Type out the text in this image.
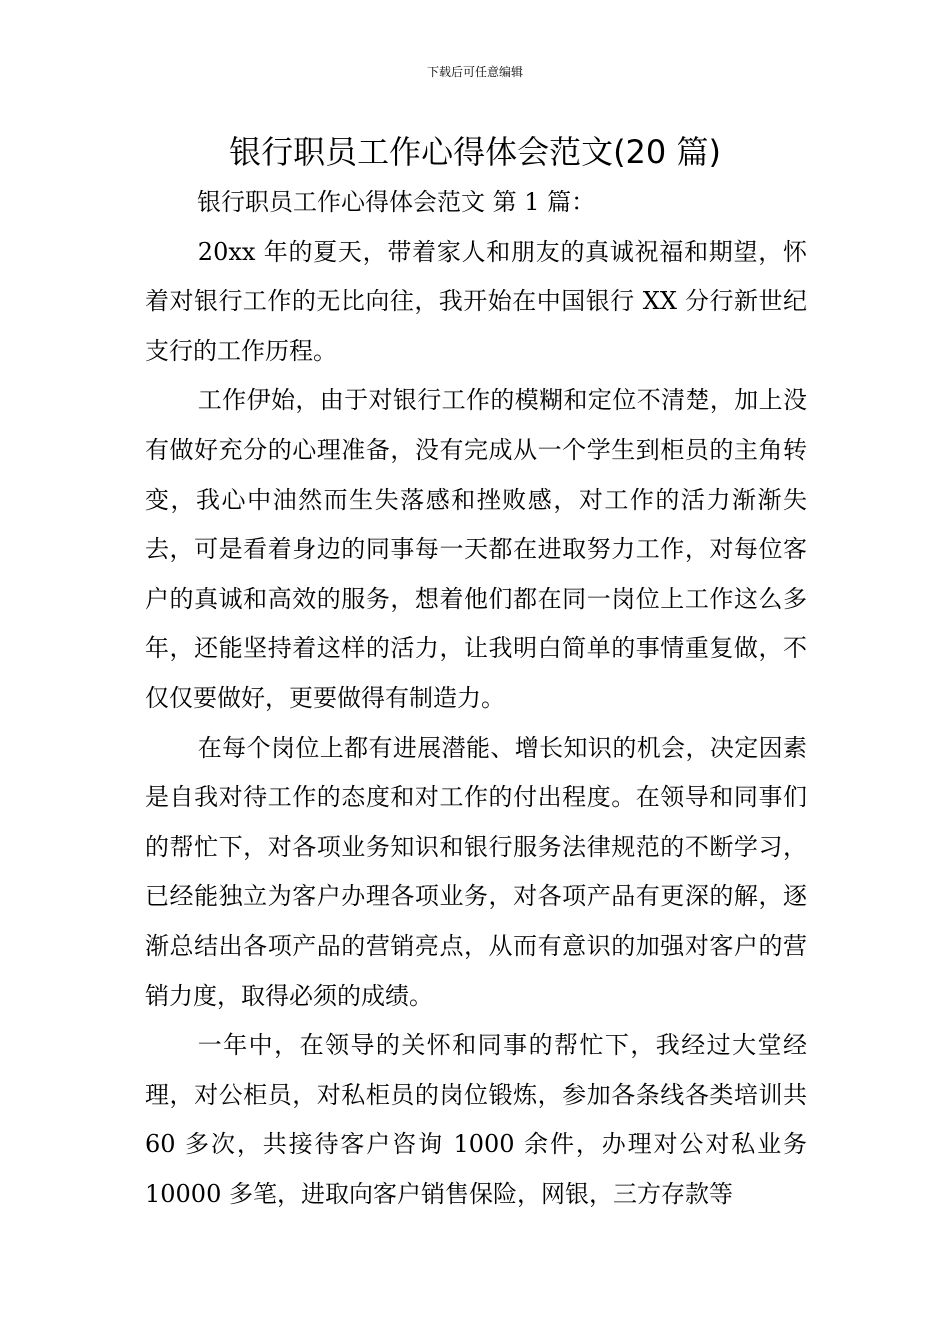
下载后可任意编辑
银行职员工作心得体会范文(20 篇)
银行职员工作心得体会范文 第 1 篇：

20xx 年的夏天，带着家人和朋友的真诚祝福和期望，怀着对银行工作的无比向往，我开始在中国银行 XX 分行新世纪支行的工作历程。

工作伊始，由于对银行工作的模糊和定位不清楚，加上没有做好充分的心理准备，没有完成从一个学生到柜员的主角转变，我心中油然而生失落感和挫败感，对工作的活力渐渐失去，可是看着身边的同事每一天都在进取努力工作，对每位客户的真诚和高效的服务，想着他们都在同一岗位上工作这么多年，还能坚持着这样的活力，让我明白简单的事情重复做，不仅仅要做好，更要做得有制造力。

在每个岗位上都有进展潜能、增长知识的机会，决定因素是自我对待工作的态度和对工作的付出程度。在领导和同事们的帮忙下，对各项业务知识和银行服务法律规范的不断学习，已经能独立为客户办理各项业务，对各项产品有更深的解，逐渐总结出各项产品的营销亮点，从而有意识的加强对客户的营销力度，取得必须的成绩。

一年中，在领导的关怀和同事的帮忙下，我经过大堂经理，对公柜员，对私柜员的岗位锻炼，参加各条线各类培训共 60 多次，共接待客户咨询 1000 余件，办理对公对私业务 10000 多笔，进取向客户销售保险，网银，三方存款等
